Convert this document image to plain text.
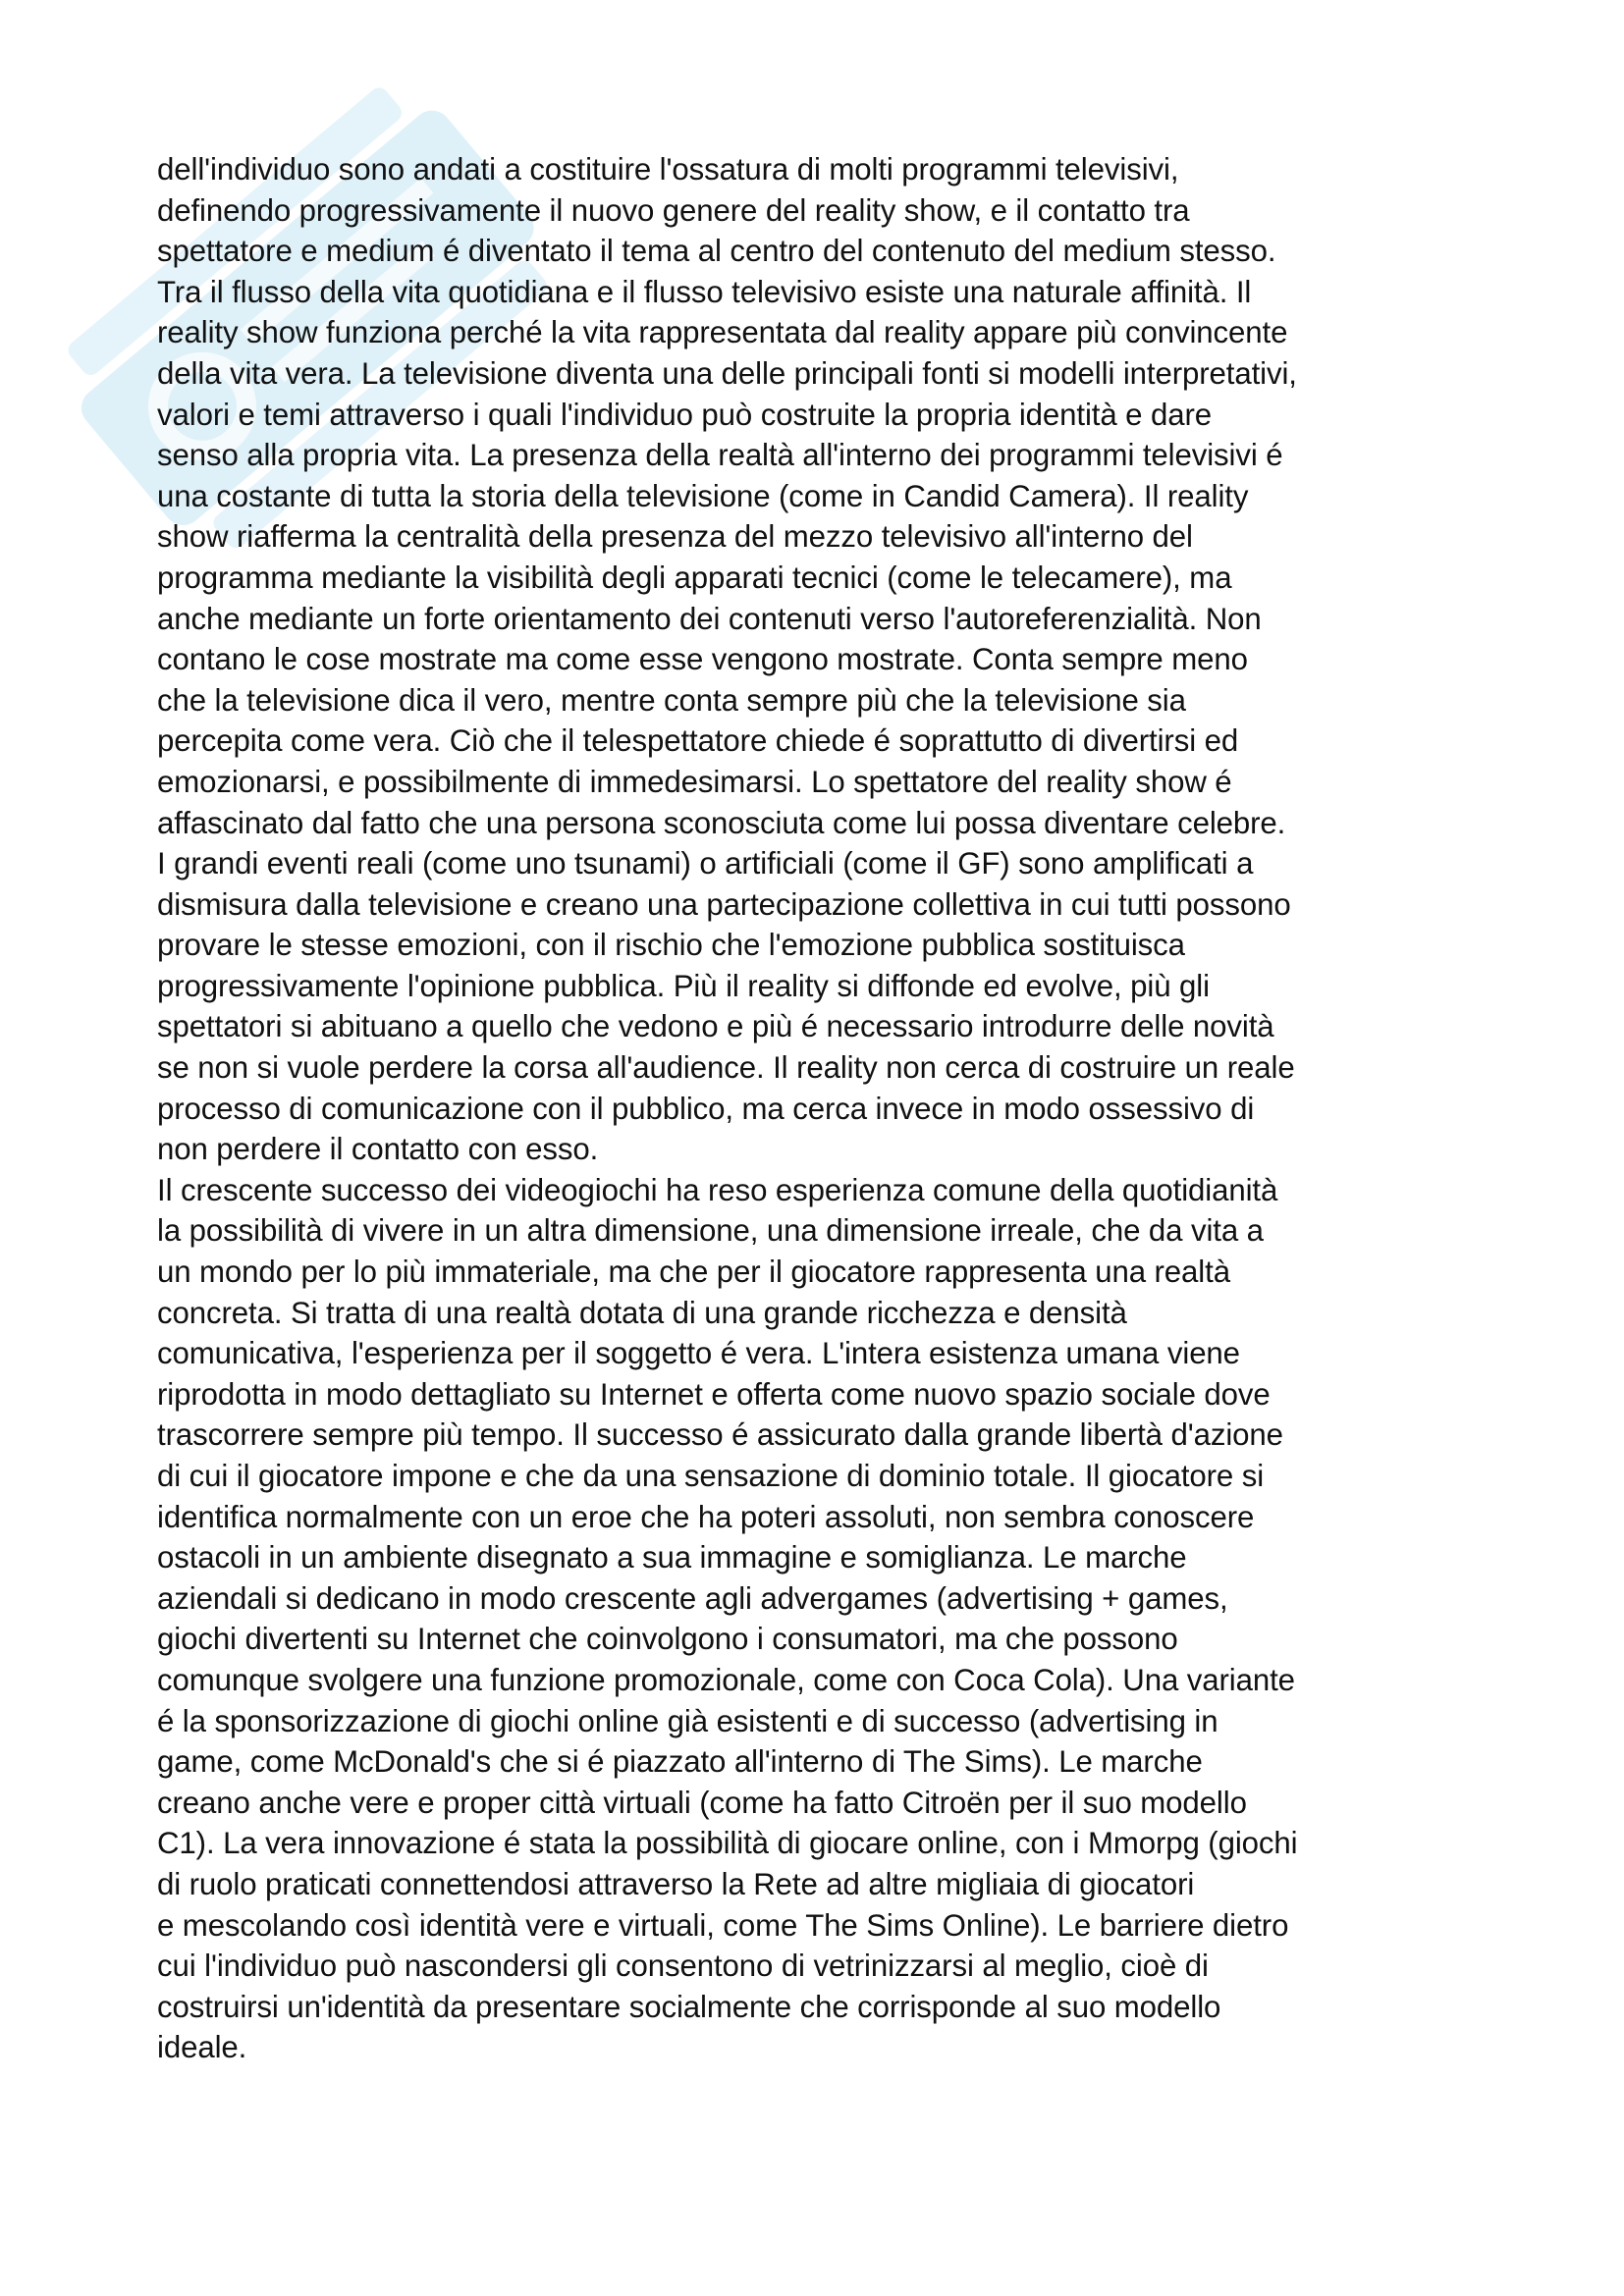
dell'individuo sono andati a costituire l'ossatura di molti programmi televisivi,
definendo progressivamente il nuovo genere del reality show, e il contatto tra
spettatore e medium é diventato il tema al centro del contenuto del medium stesso.
Tra il flusso della vita quotidiana e il flusso televisivo esiste una naturale affinità. Il
reality show funziona perché la vita rappresentata dal reality appare più convincente
della vita vera. La televisione diventa una delle principali fonti si modelli interpretativi,
valori e temi attraverso i quali l'individuo può costruite la propria identità e dare
senso alla propria vita. La presenza della realtà all'interno dei programmi televisivi é
una costante di tutta la storia della televisione (come in Candid Camera). Il reality
show riafferma la centralità della presenza del mezzo televisivo all'interno del
programma mediante la visibilità degli apparati tecnici (come le telecamere), ma
anche mediante un forte orientamento dei contenuti verso l'autoreferenzialità. Non
contano le cose mostrate ma come esse vengono mostrate. Conta sempre meno
che la televisione dica il vero, mentre conta sempre più che la televisione sia
percepita come vera. Ciò che il telespettatore chiede é soprattutto di divertirsi ed
emozionarsi, e possibilmente di immedesimarsi. Lo spettatore del reality show é
affascinato dal fatto che una persona sconosciuta come lui possa diventare celebre.
I grandi eventi reali (come uno tsunami) o artificiali (come il GF) sono amplificati a
dismisura dalla televisione e creano una partecipazione collettiva in cui tutti possono
provare le stesse emozioni, con il rischio che l'emozione pubblica sostituisca
progressivamente l'opinione pubblica. Più il reality si diffonde ed evolve, più gli
spettatori si abituano a quello che vedono e più é necessario introdurre delle novità
se non si vuole perdere la corsa all'audience. Il reality non cerca di costruire un reale
processo di comunicazione con il pubblico, ma cerca invece in modo ossessivo di
non perdere il contatto con esso.
Il crescente successo dei videogiochi ha reso esperienza comune della quotidianità
la possibilità di vivere in un altra dimensione, una dimensione irreale, che da vita a
un mondo per lo più immateriale, ma che per il giocatore rappresenta una realtà
concreta. Si tratta di una realtà dotata di una grande ricchezza e densità
comunicativa, l'esperienza per il soggetto é vera. L'intera esistenza umana viene
riprodotta in modo dettagliato su Internet e offerta come nuovo spazio sociale dove
trascorrere sempre più tempo. Il successo é assicurato dalla grande libertà d'azione
di cui il giocatore impone e che da una sensazione di dominio totale. Il giocatore si
identifica normalmente con un eroe che ha poteri assoluti, non sembra conoscere
ostacoli in un ambiente disegnato a sua immagine e somiglianza. Le marche
aziendali si dedicano in modo crescente agli advergames (advertising + games,
giochi divertenti su Internet che coinvolgono i consumatori, ma che possono
comunque svolgere una funzione promozionale, come con Coca Cola). Una variante
é la sponsorizzazione di giochi online già esistenti e di successo (advertising in
game, come McDonald's che si é piazzato all'interno di The Sims). Le marche
creano anche vere e proper città virtuali (come ha fatto Citroën per il suo modello
C1). La vera innovazione é stata la possibilità di giocare online, con i Mmorpg (giochi
di ruolo praticati connettendosi attraverso la Rete ad altre migliaia di giocatori
e mescolando così identità vere e virtuali, come The Sims Online). Le barriere dietro
cui l'individuo può nascondersi gli consentono di vetrinizzarsi al meglio, cioè di
costruirsi un'identità da presentare socialmente che corrisponde al suo modello
ideale.
